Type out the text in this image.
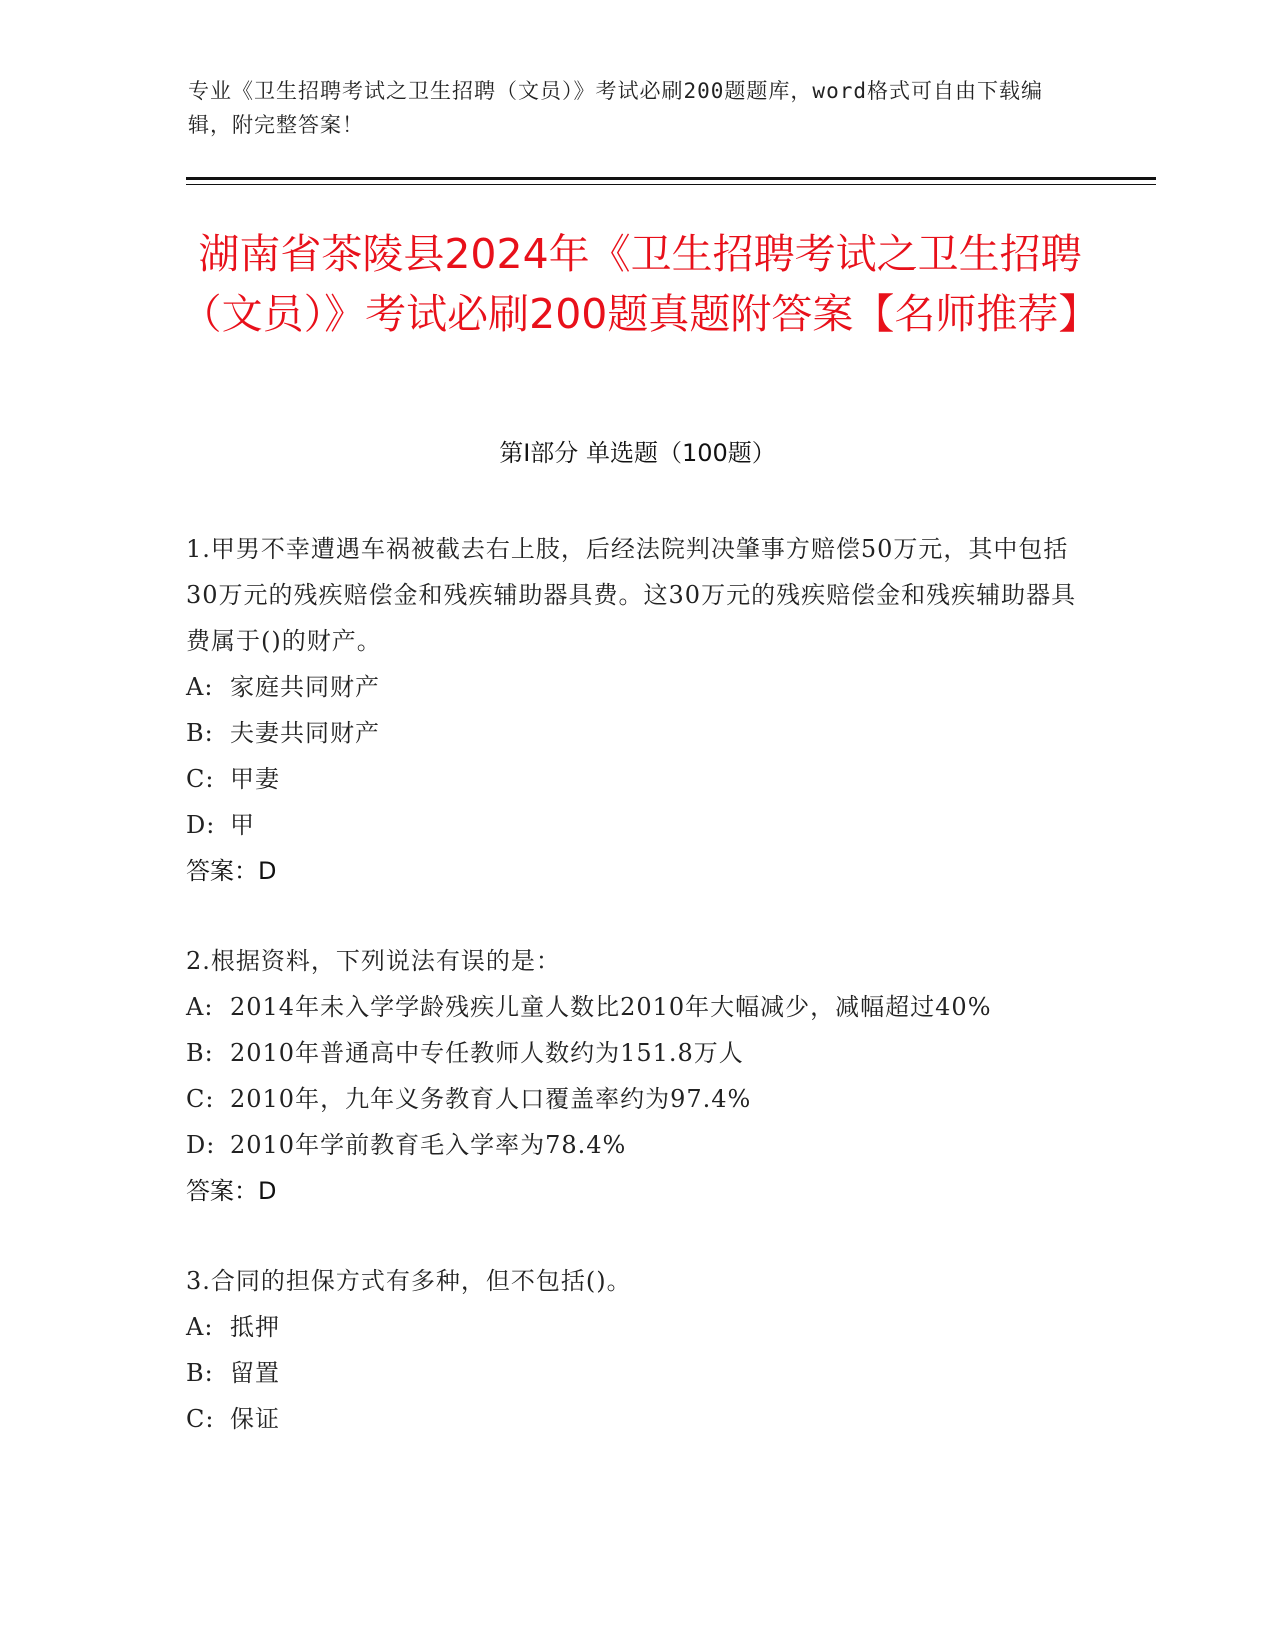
专业《卫生招聘考试之卫生招聘（文员）》考试必刷200题题库，word格式可自由下载编辑，附完整答案！
湖南省茶陵县2024年《卫生招聘考试之卫生招聘（文员）》考试必刷200题真题附答案【名师推荐】
第Ⅰ部分 单选题（100题）

1.甲男不幸遭遇车祸被截去右上肢，后经法院判决肇事方赔偿50万元，其中包括30万元的残疾赔偿金和残疾辅助器具费。这30万元的残疾赔偿金和残疾辅助器具费属于()的财产。

A: 家庭共同财产

B: 夫妻共同财产

C: 甲妻

D: 甲

答案：D

2.根据资料，下列说法有误的是：

A: 2014年未入学学龄残疾儿童人数比2010年大幅减少，减幅超过40%

B: 2010年普通高中专任教师人数约为151.8万人

C: 2010年，九年义务教育人口覆盖率约为97.4%

D: 2010年学前教育毛入学率为78.4%

答案：D

3.合同的担保方式有多种，但不包括()。

A: 抵押

B: 留置

C: 保证
